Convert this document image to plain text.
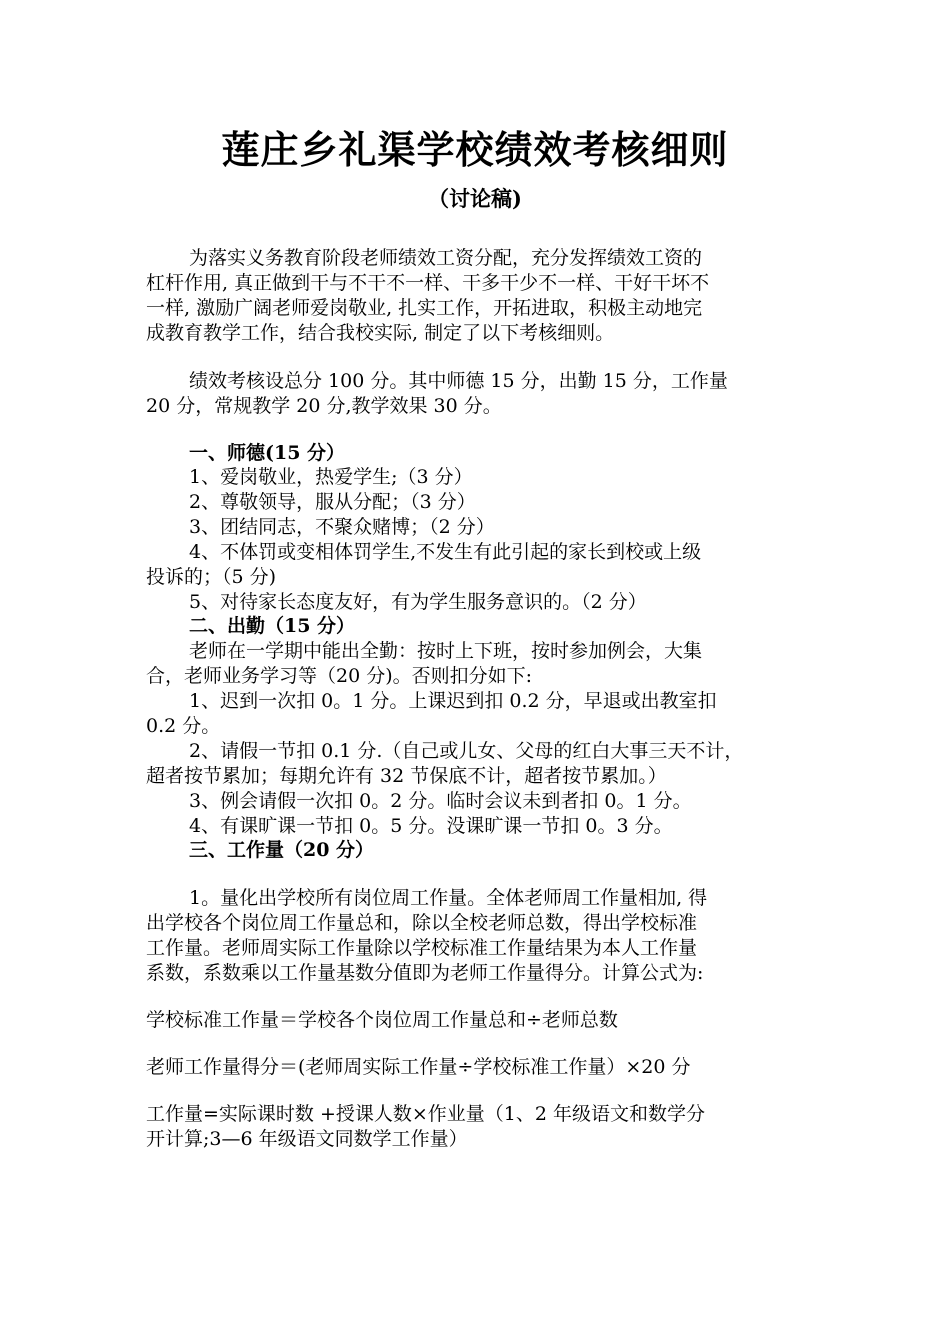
莲庄乡礼渠学校绩效考核细则
（讨论稿)
为落实义务教育阶段老师绩效工资分配，充分发挥绩效工资的
杠杆作用, 真正做到干与不干不一样、干多干少不一样、干好干坏不
一样, 激励广阔老师爱岗敬业, 扎实工作，开拓进取，积极主动地完
成教育教学工作，结合我校实际, 制定了以下考核细则。
绩效考核设总分 100 分。其中师德 15 分，出勤 15 分，工作量
20 分，常规教学 20 分,教学效果 30 分。
一、师德(15 分）
1、爱岗敬业，热爱学生;（3 分）
2、尊敬领导，服从分配；（3 分）
3、团结同志，不聚众赌博；（2 分）
4、不体罚或变相体罚学生,不发生有此引起的家长到校或上级
投诉的；（5 分)
5、对待家长态度友好，有为学生服务意识的。（2 分）
二、出勤（15 分）
老师在一学期中能出全勤：按时上下班，按时参加例会，大集
合，老师业务学习等（20 分)。否则扣分如下:
1、迟到一次扣 0。1 分。上课迟到扣 0.2 分，早退或出教室扣
0.2 分。
2、请假一节扣 0.1 分.（自己或儿女、父母的红白大事三天不计，
超者按节累加；每期允许有 32 节保底不计，超者按节累加。）
3、例会请假一次扣 0。2 分。临时会议未到者扣 0。1 分。
4、有课旷课一节扣 0。5 分。没课旷课一节扣 0。3 分。
三、工作量（20 分）
1。量化出学校所有岗位周工作量。全体老师周工作量相加, 得
出学校各个岗位周工作量总和，除以全校老师总数，得出学校标准
工作量。老师周实际工作量除以学校标准工作量结果为本人工作量
系数，系数乘以工作量基数分值即为老师工作量得分。计算公式为:
学校标准工作量＝学校各个岗位周工作量总和÷老师总数
老师工作量得分＝(老师周实际工作量÷学校标准工作量）×20 分
工作量=实际课时数 +授课人数×作业量（1、2 年级语文和数学分
开计算;3—6 年级语文同数学工作量）
